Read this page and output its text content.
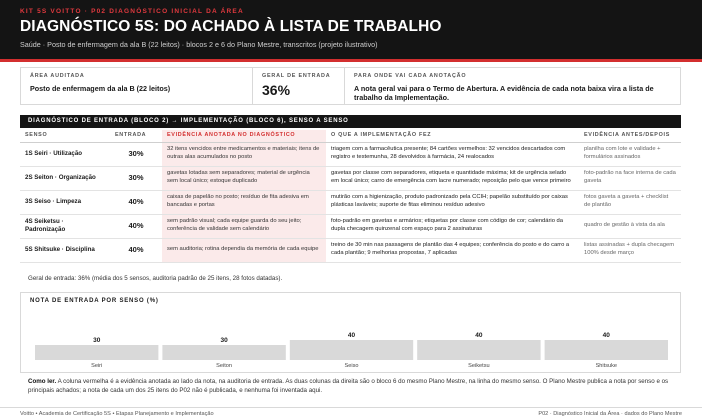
KIT 5S VOITTO · P02 DIAGNÓSTICO INICIAL DA ÁREA
DIAGNÓSTICO 5S: DO ACHADO À LISTA DE TRABALHO
Saúde · Posto de enfermagem da ala B (22 leitos) · blocos 2 e 6 do Plano Mestre, transcritos (projeto ilustrativo)
ÁREA AUDITADA
Posto de enfermagem da ala B (22 leitos)
GERAL DE ENTRADA
36%
PARA ONDE VAI CADA ANOTAÇÃO
A nota geral vai para o Termo de Abertura. A evidência de cada nota baixa vira a lista de trabalho da Implementação.
DIAGNÓSTICO DE ENTRADA (BLOCO 2) → IMPLEMENTAÇÃO (BLOCO 6), SENSO A SENSO
SENSO	ENTRADA	EVIDÊNCIA ANOTADA NO DIAGNÓSTICO	O QUE A IMPLEMENTAÇÃO FEZ	EVIDÊNCIA ANTES/DEPOIS
1S Seiri · Utilização	30%	32 itens vencidos entre medicamentos e materiais; itens de outras alas acumulados no posto	triagem com a farmacêutica presente; 84 cartões vermelhos: 32 vencidos descartados com registro e testemunha, 28 devolvidos à farmácia, 24 realocados	planilha com lote e validade + formulários assinados
2S Seiton · Organização	30%	gavetas lotadas sem separadores; material de urgência sem local único; estoque duplicado	gavetas por classe com separadores, etiqueta e quantidade máxima; kit de urgência selado em local único; carro de emergência com lacre numerado; reposição pelo que vence primeiro	foto-padrão na face interna de cada gaveta
3S Seiso · Limpeza	40%	caixas de papelão no posto; resíduo de fita adesiva em bancadas e portas	mutirão com a higienização, produto padronizado pela CCIH; papelão substituído por caixas plásticas laváveis; suporte de fitas eliminou resíduo adesivo	fotos gaveta a gaveta + checklist de plantão
4S Seiketsu · Padronização	40%	sem padrão visual; cada equipe guarda do seu jeito; conferência de validade sem calendário	foto-padrão em gavetas e armários; etiquetas por classe com código de cor; calendário da dupla checagem quinzenal com espaço para 2 assinaturas	quadro de gestão à vista da ala
5S Shitsuke · Disciplina	40%	sem auditoria; rotina dependia da memória de cada equipe	treino de 30 min nas passagens de plantão das 4 equipes; conferência do posto e do carro a cada plantão; 9 melhorias propostas, 7 aplicadas	listas assinadas + dupla checagem 100% desde março
Geral de entrada: 36% (média dos 5 sensos, auditoria padrão de 25 itens, 28 fotos datadas).
NOTA DE ENTRADA POR SENSO (%)
30
Seiri
30
Seiton
40
Seiso
40
Seiketsu
40
Shitsuke
Como ler. A coluna vermelha é a evidência anotada ao lado da nota, na auditoria de entrada. As duas colunas da direita são o bloco 6 do mesmo Plano Mestre, na linha do mesmo senso. O Plano Mestre publica a nota por senso e os principais achados; a nota de cada um dos 25 itens do P02 não é publicada, e nenhuma foi inventada aqui.
Voitto • Academia de Certificação 5S • Etapas Planejamento e Implementação	P02 · Diagnóstico Inicial da Área · dados do Plano Mestre
